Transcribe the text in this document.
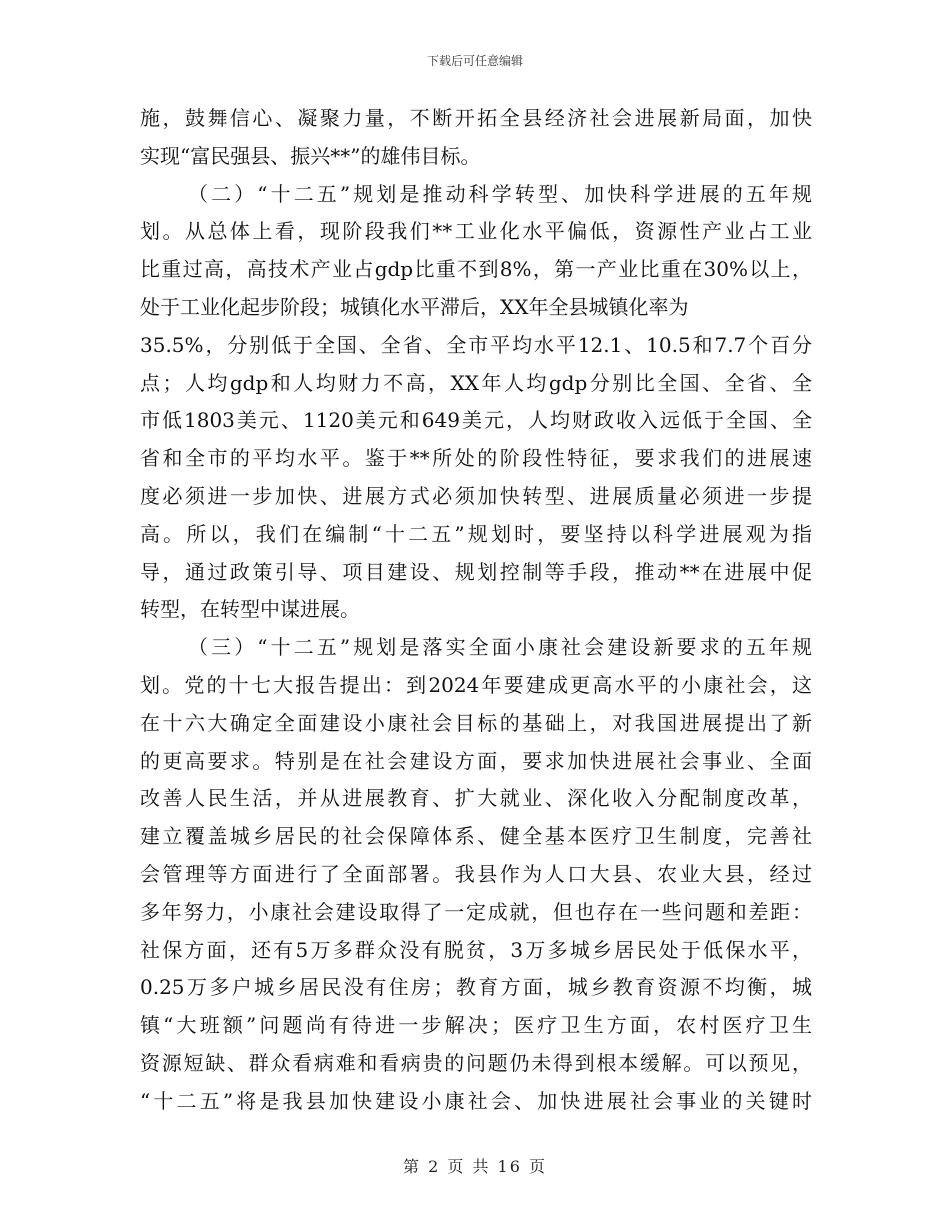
下载后可任意编辑
施，鼓舞信心、凝聚力量，不断开拓全县经济社会进展新局面，加快
实现“富民强县、振兴**”的雄伟目标。
（二）“十二五”规划是推动科学转型、加快科学进展的五年规
划。从总体上看，现阶段我们**工业化水平偏低，资源性产业占工业
比重过高，高技术产业占gdp比重不到8%，第一产业比重在30%以上，
处于工业化起步阶段；城镇化水平滞后，XX年全县城镇化率为
35.5%，分别低于全国、全省、全市平均水平12.1、10.5和7.7个百分
点；人均gdp和人均财力不高，XX年人均gdp分别比全国、全省、全
市低1803美元、1120美元和649美元，人均财政收入远低于全国、全
省和全市的平均水平。鉴于**所处的阶段性特征，要求我们的进展速
度必须进一步加快、进展方式必须加快转型、进展质量必须进一步提
高。所以，我们在编制“十二五”规划时，要坚持以科学进展观为指
导，通过政策引导、项目建设、规划控制等手段，推动**在进展中促
转型，在转型中谋进展。
（三）“十二五”规划是落实全面小康社会建设新要求的五年规
划。党的十七大报告提出：到2024年要建成更高水平的小康社会，这
在十六大确定全面建设小康社会目标的基础上，对我国进展提出了新
的更高要求。特别是在社会建设方面，要求加快进展社会事业、全面
改善人民生活，并从进展教育、扩大就业、深化收入分配制度改革，
建立覆盖城乡居民的社会保障体系、健全基本医疗卫生制度，完善社
会管理等方面进行了全面部署。我县作为人口大县、农业大县，经过
多年努力，小康社会建设取得了一定成就，但也存在一些问题和差距：
社保方面，还有5万多群众没有脱贫，3万多城乡居民处于低保水平，
0.25万多户城乡居民没有住房；教育方面，城乡教育资源不均衡，城
镇“大班额”问题尚有待进一步解决；医疗卫生方面，农村医疗卫生
资源短缺、群众看病难和看病贵的问题仍未得到根本缓解。可以预见，
“十二五”将是我县加快建设小康社会、加快进展社会事业的关键时
第 2 页 共 16 页
